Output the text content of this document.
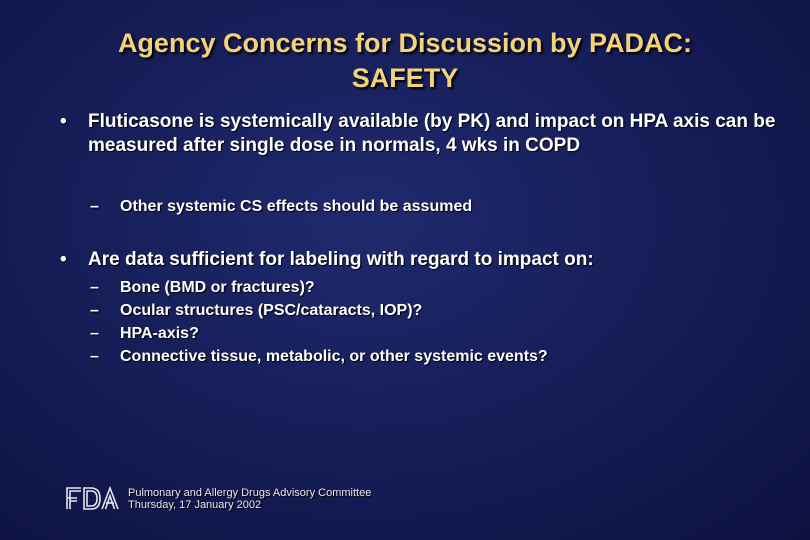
Agency Concerns for Discussion by PADAC:
SAFETY
• Fluticasone is systemically available (by PK) and impact on HPA axis can be measured after single dose in normals, 4 wks in COPD
– Other systemic CS effects should be assumed
• Are data sufficient for labeling with regard to impact on:
– Bone (BMD or fractures)?
– Ocular structures (PSC/cataracts, IOP)?
– HPA-axis?
– Connective tissue, metabolic, or other systemic events?
Pulmonary and Allergy Drugs Advisory Committee
Thursday, 17 January 2002
